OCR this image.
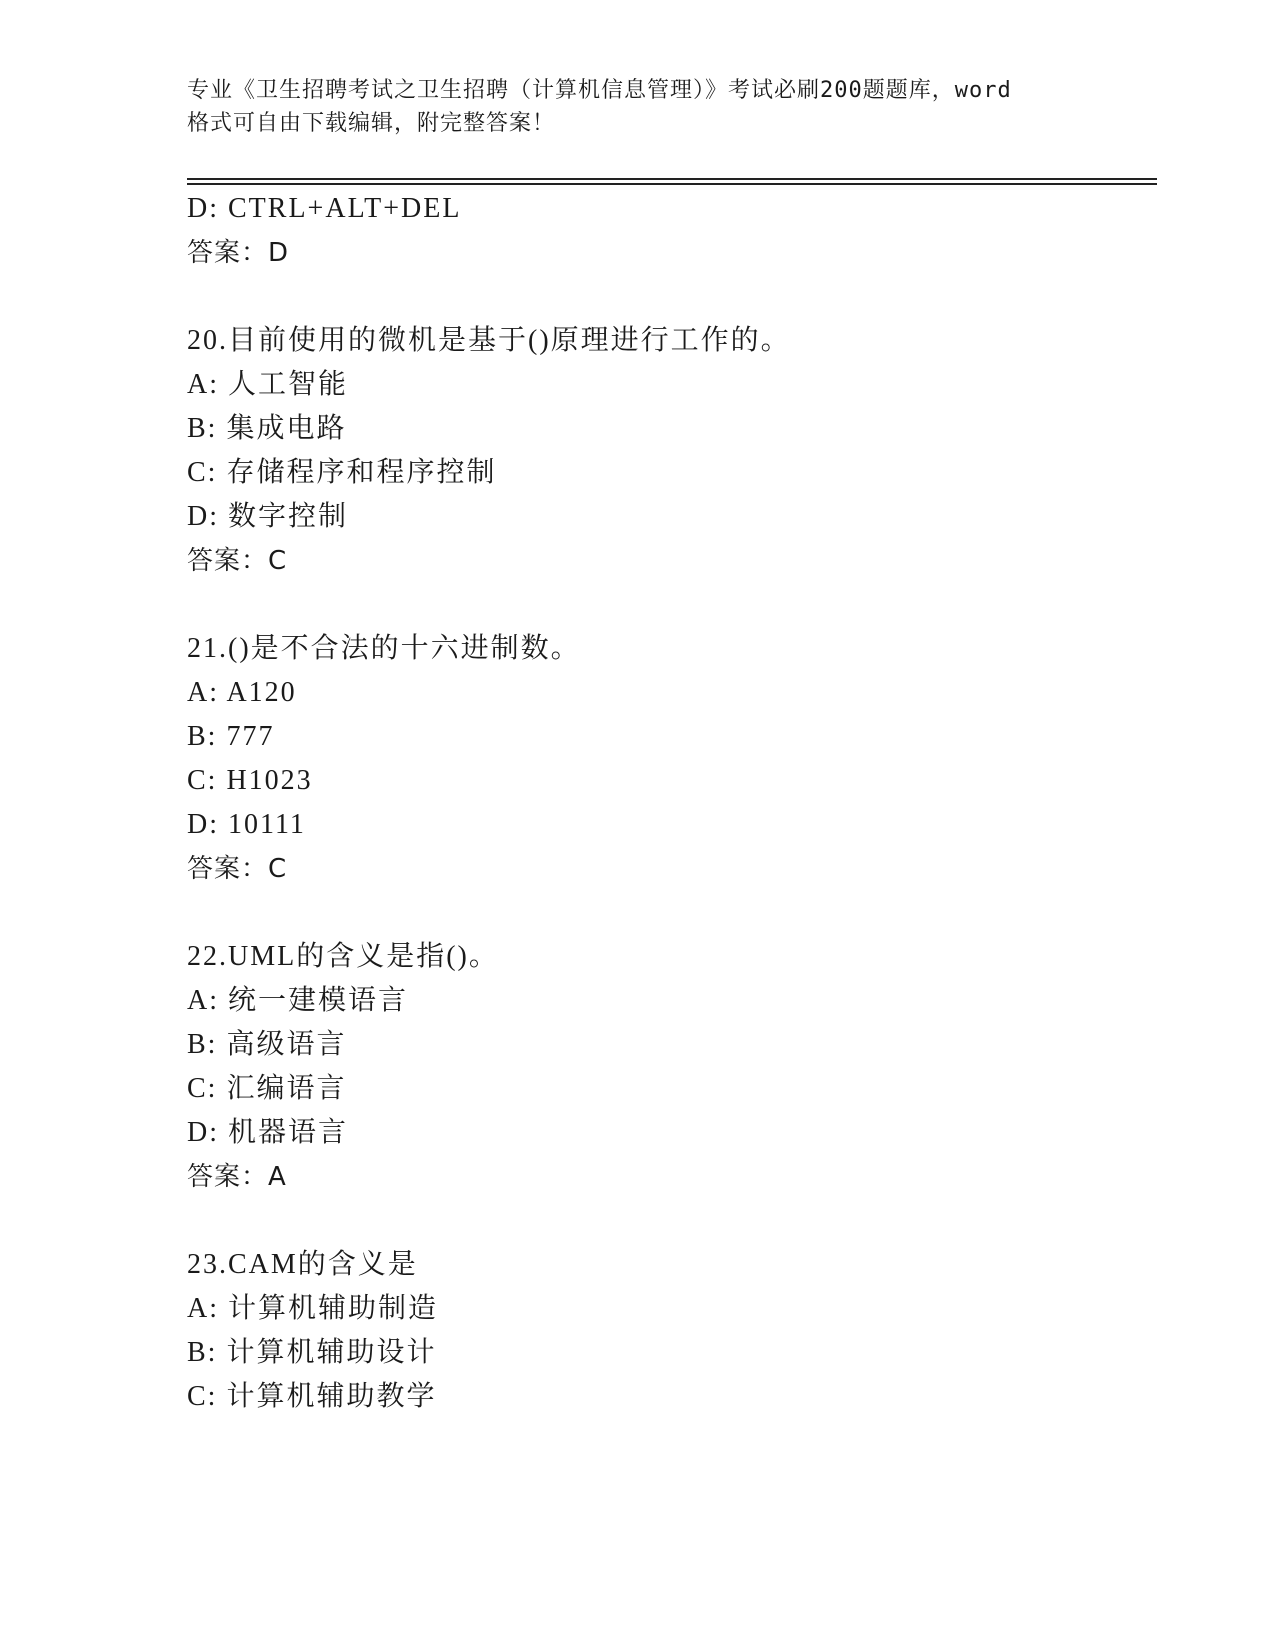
专业《卫生招聘考试之卫生招聘（计算机信息管理）》考试必刷200题题库，word
格式可自由下载编辑，附完整答案！
D: CTRL+ALT+DEL
答案：D
20.目前使用的微机是基于()原理进行工作的。
A: 人工智能
B: 集成电路
C: 存储程序和程序控制
D: 数字控制
答案：C
21.()是不合法的十六进制数。
A: A120
B: 777
C: H1023
D: 10111
答案：C
22.UML的含义是指()。
A: 统一建模语言
B: 高级语言
C: 汇编语言
D: 机器语言
答案：A
23.CAM的含义是
A: 计算机辅助制造
B: 计算机辅助设计
C: 计算机辅助教学
